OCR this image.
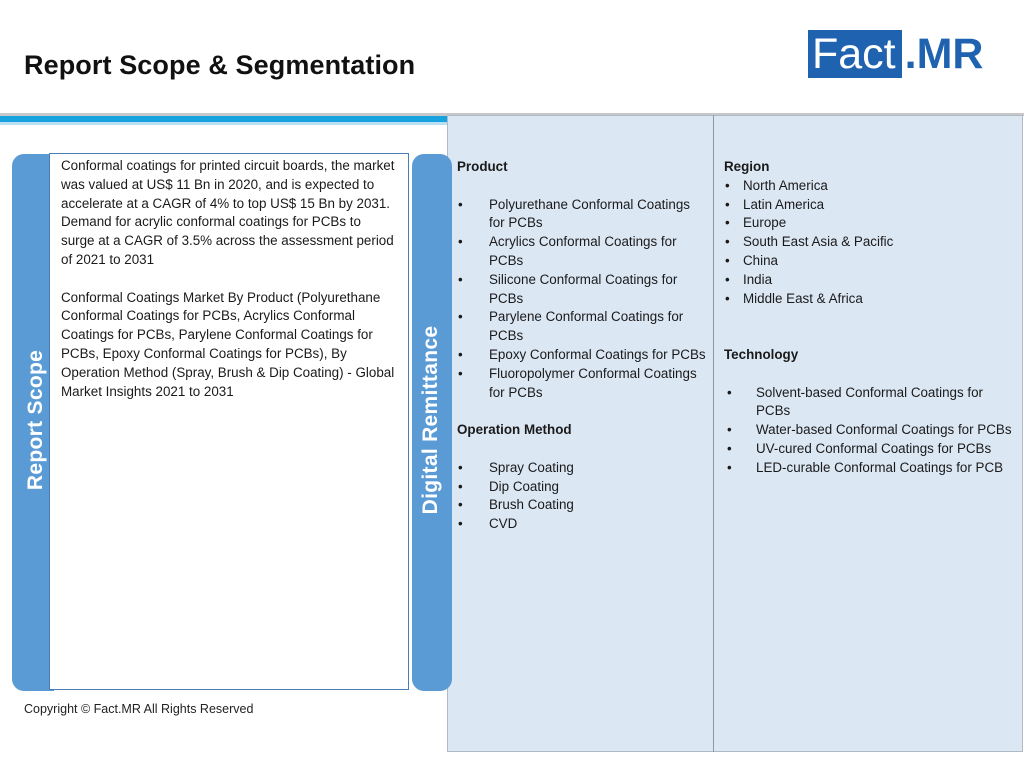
Report Scope & Segmentation	Fact .MR
Report Scope

Conformal coatings for printed circuit boards, the market was valued at US$ 11 Bn in 2020, and is expected to accelerate at a CAGR of 4% to top US$ 15 Bn by 2031. Demand for acrylic conformal coatings for PCBs to surge at a CAGR of 3.5% across the assessment period of 2021 to 2031

Conformal Coatings Market By Product (Polyurethane Conformal Coatings for PCBs, Acrylics Conformal Coatings for PCBs, Parylene Conformal Coatings for PCBs, Epoxy Conformal Coatings for PCBs), By Operation Method (Spray, Brush & Dip Coating) - Global Market Insights 2021 to 2031	Digital Remittance
Product
• Polyurethane Conformal Coatings for PCBs
• Acrylics Conformal Coatings for PCBs
• Silicone Conformal Coatings for PCBs
• Parylene Conformal Coatings for PCBs
• Epoxy Conformal Coatings for PCBs
• Fluoropolymer Conformal Coatings for PCBs
Operation Method
• Spray Coating
• Dip Coating
• Brush Coating
• CVD
Region
• North America
• Latin America
• Europe
• South East Asia & Pacific
• China
• India
• Middle East & Africa
Technology
• Solvent-based Conformal Coatings for PCBs
• Water-based Conformal Coatings for PCBs
• UV-cured Conformal Coatings for PCBs
• LED-curable Conformal Coatings for PCB
Copyright © Fact.MR All Rights Reserved
